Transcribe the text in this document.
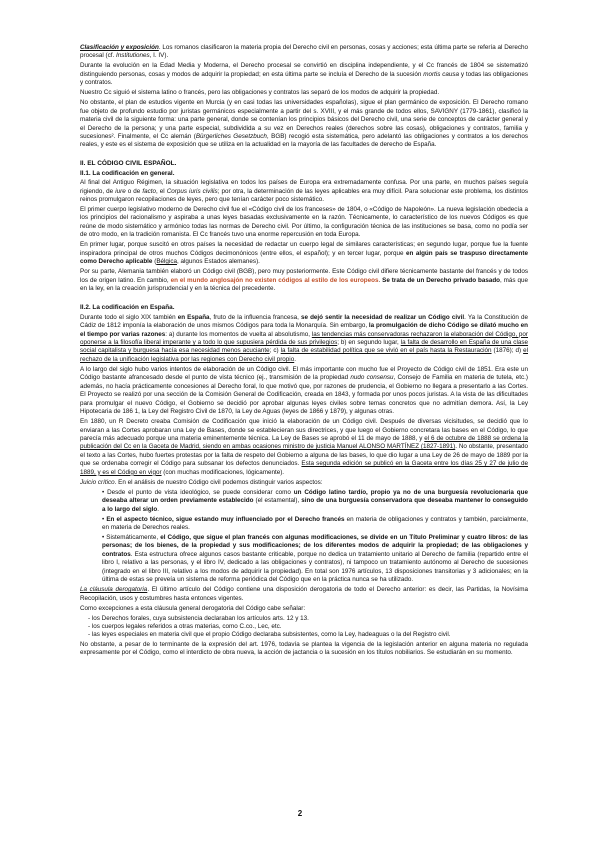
Clasificación y exposición. Los romanos clasificaron la materia propia del Derecho civil en personas, cosas y acciones; esta última parte se refería al Derecho procesal (cf. Institutiones, I. IV).

Durante la evolución en la Edad Media y Moderna, el Derecho procesal se convirtió en disciplina independiente, y el Cc francés de 1804 se sistematizó distinguiendo personas, cosas y modos de adquirir la propiedad; en esta última parte se incluía el Derecho de la sucesión mortis causa y todas las obligaciones y contratos.

Nuestro Cc siguió el sistema latino o francés, pero las obligaciones y contratos las separó de los modos de adquirir la propiedad.

No obstante, el plan de estudios vigente en Murcia (y en casi todas las universidades españolas), sigue el plan germánico de exposición. El Derecho romano fue objeto de profundo estudio por juristas germánicos especialmente a partir del s. XVIII, y el más grande de todos ellos, SAVIGNY (1779-1861), clasificó la materia civil de la siguiente forma: una parte general, donde se contenían los principios básicos del Derecho civil, una serie de conceptos de carácter general y el Derecho de la persona; y una parte especial, subdividida a su vez en Derechos reales (derechos sobre las cosas), obligaciones y contratos, familia y sucesiones². Finalmente, el Cc alemán (Bürgerliches Gesetzbuch, BGB) recogió esta sistemática, pero adelantó las obligaciones y contratos a los derechos reales, y este es el sistema de exposición que se utiliza en la actualidad en la mayoría de las facultades de derecho de España.

II. EL CÓDIGO CIVIL ESPAÑOL.
II.1. La codificación en general.

Al final del Antiguo Régimen, la situación legislativa en todos los países de Europa era extremadamente confusa. Por una parte, en muchos países seguía rigiendo, de iure o de facto, el Corpus iuris civilis; por otra, la determinación de las leyes aplicables era muy difícil. Para solucionar este problema, los distintos reinos promulgaron recopilaciones de leyes, pero que tenían carácter poco sistemático.

El primer cuerpo legislativo moderno de Derecho civil fue el «Código civil de los franceses» de 1804, o «Código de Napoleón». La nueva legislación obedecía a los principios del racionalismo y aspiraba a unas leyes basadas exclusivamente en la razón. Técnicamente, lo característico de los nuevos Códigos es que reúne de modo sistemático y armónico todas las normas de Derecho civil. Por último, la configuración técnica de las instituciones se basa, como no podía ser de otro modo, en la tradición romanista. El Cc francés tuvo una enorme repercusión en toda Europa.

En primer lugar, porque suscitó en otros países la necesidad de redactar un cuerpo legal de similares características; en segundo lugar, porque fue la fuente inspiradora principal de otros muchos Códigos decimonónicos (entre ellos, el español); y en tercer lugar, porque en algún país se traspuso directamente como Derecho aplicable (Bélgica, algunos Estados alemanes).

Por su parte, Alemania también elaboró un Código civil (BGB), pero muy posteriormente. Este Código civil difiere técnicamente bastante del francés y de todos los de origen latino. En cambio, en el mundo anglosajón no existen códigos al estilo de los europeos. Se trata de un Derecho privado basado, más que en la ley, en la creación jurisprudencial y en la técnica del precedente.

II.2. La codificación en España.

Durante todo el siglo XIX también en España, fruto de la influencia francesa, se dejó sentir la necesidad de realizar un Código civil. Ya la Constitución de Cádiz de 1812 imponía la elaboración de unos mismos Códigos para toda la Monarquía. Sin embargo, la promulgación de dicho Código se dilató mucho en el tiempo por varias razones: a) durante los momentos de vuelta al absolutismo, las tendencias más conservadoras rechazaron la elaboración del Código, por oponerse a la filosofía liberal imperante y a todo lo que supusiera pérdida de sus privilegios; b) en segundo lugar, la falta de desarrollo en España de una clase social capitalista y burguesa hacía esa necesidad menos acuciante; c) la falta de estabilidad política que se vivió en el país hasta la Restauración (1876); d) el rechazo de la unificación legislativa por las regiones con Derecho civil propio.

A lo largo del siglo hubo varios intentos de elaboración de un Código civil. El más importante con mucho fue el Proyecto de Código civil de 1851. Era este un Código bastante afrancesado desde el punto de vista técnico (ej., transmisión de la propiedad nudo consensu, Consejo de Familia en materia de tutela, etc.) además, no hacía prácticamente concesiones al Derecho foral, lo que motivó que, por razones de prudencia, el Gobierno no llegara a presentarlo a las Cortes. El Proyecto se realizó por una sección de la Comisión General de Codificación, creada en 1843, y formada por unos pocos juristas. A la vista de las dificultades para promulgar el nuevo Código, el Gobierno se decidió por aprobar algunas leyes civiles sobre temas concretos que no admitían demora. Así, la Ley Hipotecaria de 186 1, la Ley del Registro Civil de 1870, la Ley de Aguas (leyes de 1866 y 1879), y algunas otras.

En 1880, un R Decreto creaba Comisión de Codificación que inició la elaboración de un Código civil. Después de diversas vicisitudes, se decidió que lo enviaran a las Cortes aprobaran una Ley de Bases, donde se establecieran sus directrices, y que luego el Gobierno concretara las bases en el Código, lo que parecía más adecuado porque una materia eminentemente técnica. La Ley de Bases se aprobó el 11 de mayo de 1888, y el 6 de octubre de 1888 se ordena la publicación del Cc en la Gaceta de Madrid, siendo en ambas ocasiones ministro de justicia Manuel ALONSO MARTÍNEZ (1827-1891). No obstante, presentado el texto a las Cortes, hubo fuertes protestas por la falta de respeto del Gobierno a alguna de las bases, lo que dio lugar a una Ley de 26 de mayo de 1889 por la que se ordenaba corregir el Código para subsanar los defectos denunciados. Esta segunda edición se publicó en la Gaceta entre los días 25 y 27 de julio de 1889, y es el Código en vigor (con muchas modificaciones, lógicamente).

Juicio crítico. En el análisis de nuestro Código civil podemos distinguir varios aspectos:

• Desde el punto de vista ideológico, se puede considerar como un Código latino tardío, propio ya no de una burguesía revolucionaria que deseaba alterar un orden previamente establecido (el estamental), sino de una burguesía conservadora que deseaba mantener lo conseguido a lo largo del siglo.

• En el aspecto técnico, sigue estando muy influenciado por el Derecho francés en materia de obligaciones y contratos y también, parcialmente, en materia de Derechos reales.

• Sistemáticamente, el Código, que sigue el plan francés con algunas modificaciones, se divide en un Título Preliminar y cuatro libros: de las personas; de los bienes, de la propiedad y sus modificaciones; de los diferentes modos de adquirir la propiedad; de las obligaciones y contratos. Esta estructura ofrece algunos casos bastante criticable, porque no dedica un tratamiento unitario al Derecho de familia (repartido entre el libro I, relativo a las personas, y el libro IV, dedicado a las obligaciones y contratos), ni tampoco un tratamiento autónomo al Derecho de sucesiones (integrado en el libro III, relativo a los modos de adquirir la propiedad). En total son 1976 artículos, 13 disposiciones transitorias y 3 adicionales; en la última de estas se preveía un sistema de reforma periódica del Código que en la práctica nunca se ha utilizado.

La cláusula derogatoria. El último artículo del Código contiene una disposición derogatoria de todo el Derecho anterior: es decir, las Partidas, la Novísima Recopilación, usos y costumbres hasta entonces vigentes.

Como excepciones a esta cláusula general derogatoria del Código cabe señalar:

- los Derechos forales, cuya subsistencia declaraban los artículos arts. 12 y 13.
- los cuerpos legales referidos a otras materias, como C.co., Lec, etc.
- las leyes especiales en materia civil que el propio Código declaraba subsistentes, como la Ley, hadeaguas o la del Registro civil.

No obstante, a pesar de lo terminante de la expresión del art. 1976, todavía se plantea la vigencia de la legislación anterior en alguna materia no regulada expresamente por el Código, como el interdicto de obra nueva, la acción de jactancia o la sucesión en los títulos nobiliarios. Se estudiarán en su momento.

2
